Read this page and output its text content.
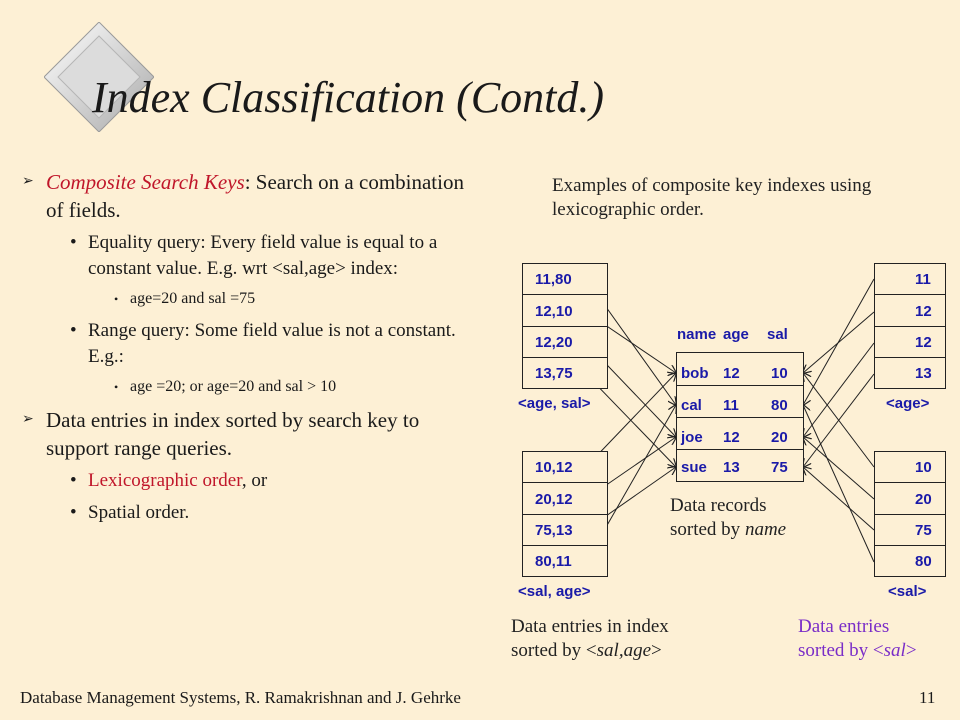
Index Classification (Contd.)
➢ Composite Search Keys: Search on a combination of fields.
• Equality query: Every field value is equal to a constant value. E.g. wrt <sal,age> index:
• age=20 and sal =75
• Range query: Some field value is not a constant. E.g.:
• age =20; or age=20 and sal > 10
➢ Data entries in index sorted by search key to support range queries.
• Lexicographic order, or
• Spatial order.
Examples of composite key indexes using lexicographic order.
11,80
12,10
12,20
13,75
<age, sal>
10,12
20,12
75,13
80,11
<sal, age>
name age sal
bob 12 10
cal 11 80
joe 12 20
sue 13 75
Data records
sorted by name
11
12
12
13
<age>
10
20
75
80
<sal>
Data entries in index
sorted by <sal,age>
Data entries
sorted by <sal>
Database Management Systems, R. Ramakrishnan and J. Gehrke	11
